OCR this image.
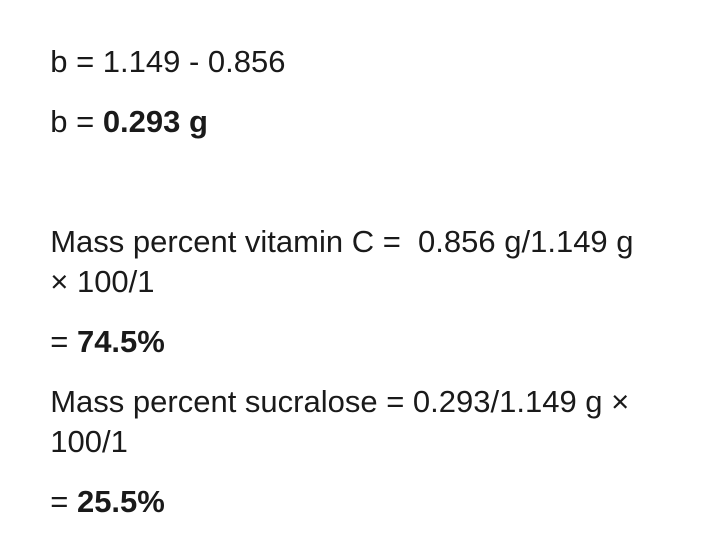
b = 1.149 - 0.856

b = 0.293 g

Mass percent vitamin C =  0.856 g/1.149 g

× 100/1

= 74.5%

Mass percent sucralose = 0.293/1.149 g ×

100/1

= 25.5%
